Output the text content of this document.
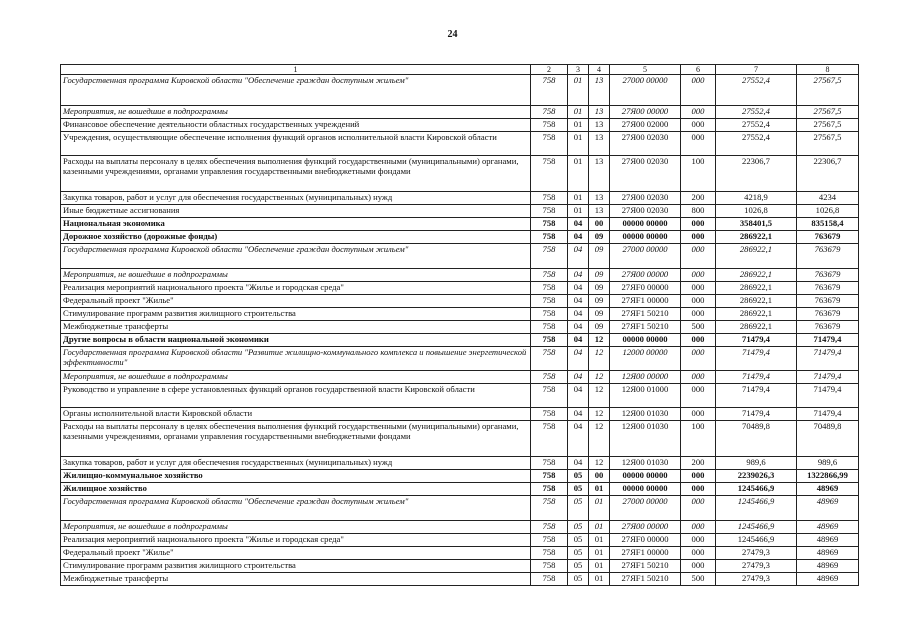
24
1	2	3	4	5	6	7	8
Государственная программа Кировской области "Обеспечение граждан доступным жильем"	758	01	13	27000 00000	000	27552,4	27567,5
Мероприятия, не вошедшие в подпрограммы	758	01	13	27Я00 00000	000	27552,4	27567,5
Финансовое обеспечение деятельности областных государственных учреждений	758	01	13	27Я00 02000	000	27552,4	27567,5
Учреждения, осуществляющие обеспечение исполнения функций органов исполнительной власти Кировской области	758	01	13	27Я00 02030	000	27552,4	27567,5
Расходы на выплаты персоналу в целях обеспечения выполнения функций государственными (муниципальными) органами, казенными учреждениями, органами управления государственными внебюджетными фондами	758	01	13	27Я00 02030	100	22306,7	22306,7
Закупка товаров, работ и услуг для обеспечения государственных (муниципальных) нужд	758	01	13	27Я00 02030	200	4218,9	4234
Иные бюджетные ассигнования	758	01	13	27Я00 02030	800	1026,8	1026,8
Национальная экономика	758	04	00	00000 00000	000	358401,5	835158,4
Дорожное хозяйство (дорожные фонды)	758	04	09	00000 00000	000	286922,1	763679
Государственная программа Кировской области "Обеспечение граждан доступным жильем"	758	04	09	27000 00000	000	286922,1	763679
Мероприятия, не вошедшие в подпрограммы	758	04	09	27Я00 00000	000	286922,1	763679
Реализация мероприятий национального проекта "Жилье и городская среда"	758	04	09	27ЯF0 00000	000	286922,1	763679
Федеральный проект "Жилье"	758	04	09	27ЯF1 00000	000	286922,1	763679
Стимулирование программ развития жилищного строительства	758	04	09	27ЯF1 50210	000	286922,1	763679
Межбюджетные трансферты	758	04	09	27ЯF1 50210	500	286922,1	763679
Другие вопросы в области национальной экономики	758	04	12	00000 00000	000	71479,4	71479,4
Государственная программа Кировской области "Развитие жилищно-коммунального комплекса и повышение энергетической эффективности"	758	04	12	12000 00000	000	71479,4	71479,4
Мероприятия, не вошедшие в подпрограммы	758	04	12	12Я00 00000	000	71479,4	71479,4
Руководство и управление в сфере установленных функций органов государственной власти Кировской области	758	04	12	12Я00 01000	000	71479,4	71479,4
Органы исполнительной власти Кировской области	758	04	12	12Я00 01030	000	71479,4	71479,4
Расходы на выплаты персоналу в целях обеспечения выполнения функций государственными (муниципальными) органами, казенными учреждениями, органами управления государственными внебюджетными фондами	758	04	12	12Я00 01030	100	70489,8	70489,8
Закупка товаров, работ и услуг для обеспечения государственных (муниципальных) нужд	758	04	12	12Я00 01030	200	989,6	989,6
Жилищно-коммунальное хозяйство	758	05	00	00000 00000	000	2239026,3	1322866,99
Жилищное хозяйство	758	05	01	00000 00000	000	1245466,9	48969
Государственная программа Кировской области "Обеспечение граждан доступным жильем"	758	05	01	27000 00000	000	1245466,9	48969
Мероприятия, не вошедшие в подпрограммы	758	05	01	27Я00 00000	000	1245466,9	48969
Реализация мероприятий национального проекта "Жилье и городская среда"	758	05	01	27ЯF0 00000	000	1245466,9	48969
Федеральный проект "Жилье"	758	05	01	27ЯF1 00000	000	27479,3	48969
Стимулирование программ развития жилищного строительства	758	05	01	27ЯF1 50210	000	27479,3	48969
Межбюджетные трансферты	758	05	01	27ЯF1 50210	500	27479,3	48969
